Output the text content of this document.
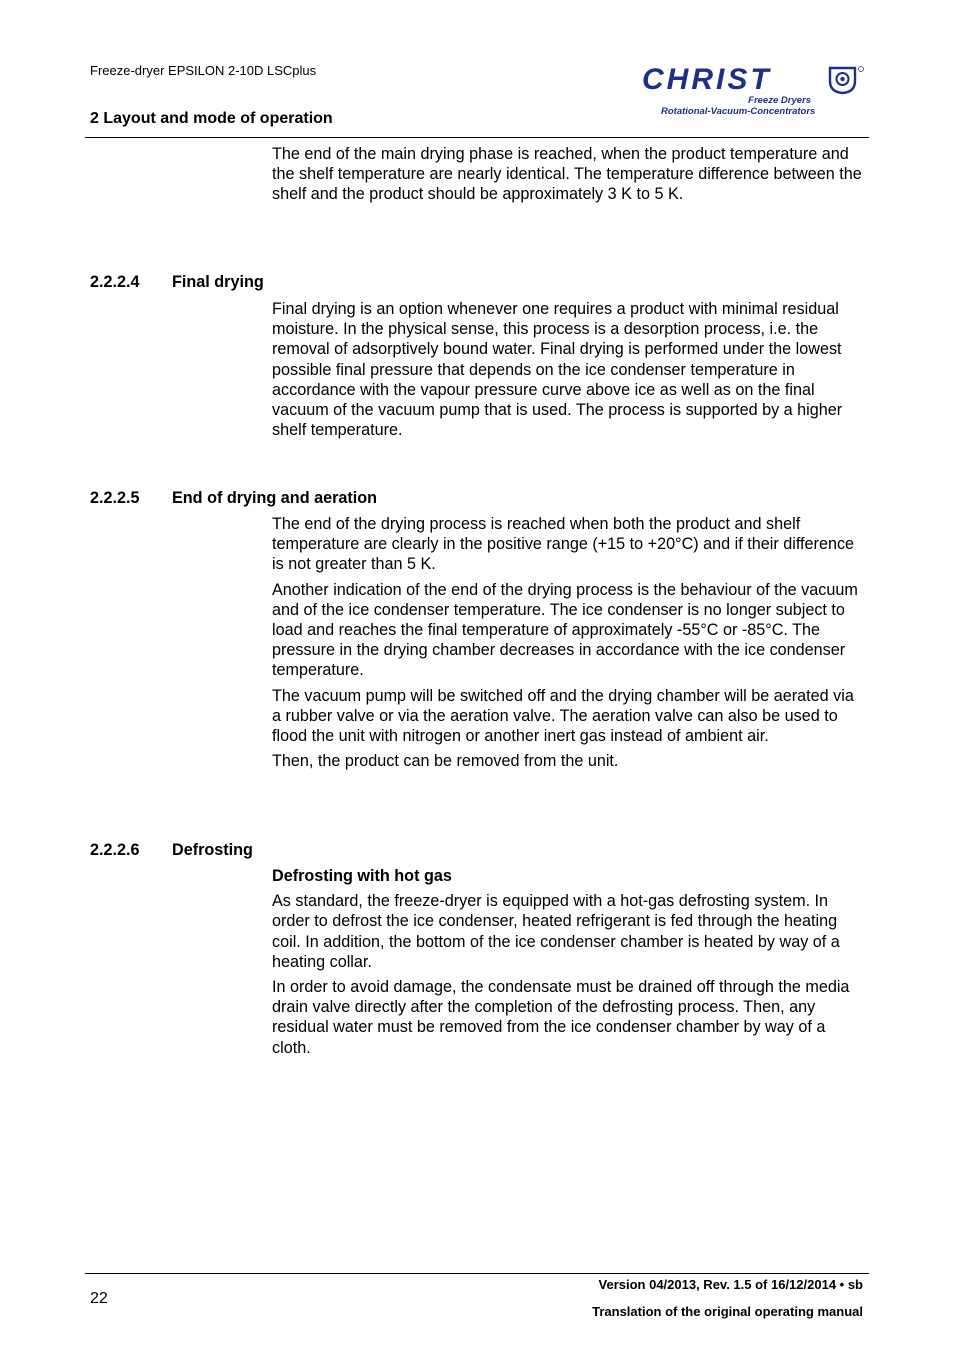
Freeze-dryer EPSILON 2-10D LSCplus
2 Layout and mode of operation
CHRIST
Freeze Dryers
Rotational-Vacuum-Concentrators

The end of the main drying phase is reached, when the product temperature and the shelf temperature are nearly identical. The temperature difference between the shelf and the product should be approximately 3 K to 5 K.

2.2.2.4 Final drying

Final drying is an option whenever one requires a product with minimal residual moisture. In the physical sense, this process is a desorption process, i.e. the removal of adsorptively bound water. Final drying is performed under the lowest possible final pressure that depends on the ice condenser temperature in accordance with the vapour pressure curve above ice as well as on the final vacuum of the vacuum pump that is used. The process is supported by a higher shelf temperature.

2.2.2.5 End of drying and aeration

The end of the drying process is reached when both the product and shelf temperature are clearly in the positive range (+15 to +20°C) and if their difference is not greater than 5 K.

Another indication of the end of the drying process is the behaviour of the vacuum and of the ice condenser temperature. The ice condenser is no longer subject to load and reaches the final temperature of approximately -55°C or -85°C. The pressure in the drying chamber decreases in accordance with the ice condenser temperature.

The vacuum pump will be switched off and the drying chamber will be aerated via a rubber valve or via the aeration valve. The aeration valve can also be used to flood the unit with nitrogen or another inert gas instead of ambient air.

Then, the product can be removed from the unit.

2.2.2.6 Defrosting

Defrosting with hot gas

As standard, the freeze-dryer is equipped with a hot-gas defrosting system. In order to defrost the ice condenser, heated refrigerant is fed through the heating coil. In addition, the bottom of the ice condenser chamber is heated by way of a heating collar.

In order to avoid damage, the condensate must be drained off through the media drain valve directly after the completion of the defrosting process. Then, any residual water must be removed from the ice condenser chamber by way of a cloth.

22
Version 04/2013, Rev. 1.5 of 16/12/2014 • sb
Translation of the original operating manual
